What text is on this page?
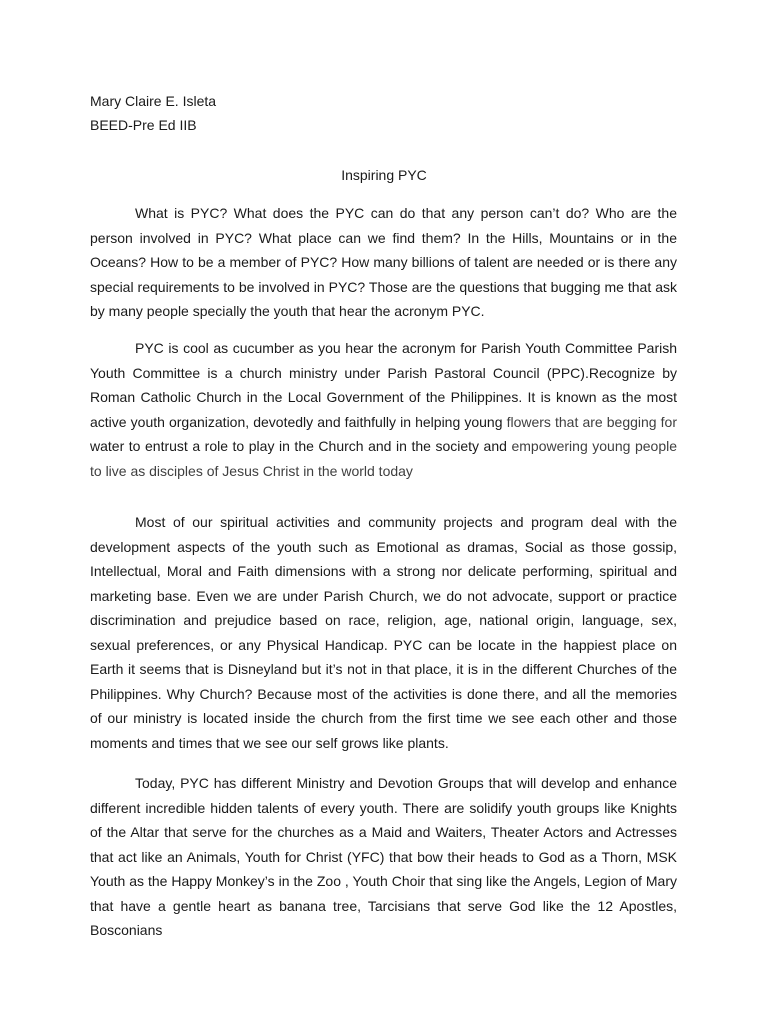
Mary Claire E. Isleta

BEED-Pre Ed IIB

Inspiring PYC

What is PYC? What does the PYC can do that any person can’t do? Who are the person involved in PYC? What place can we find them? In the Hills, Mountains or in the Oceans? How to be a member of PYC? How many billions of talent are needed or is there any special requirements to be involved in PYC? Those are the questions that bugging me that ask by many people specially the youth that hear the acronym PYC.

PYC is cool as cucumber as you hear the acronym for Parish Youth Committee Parish Youth Committee is a church ministry under Parish Pastoral Council (PPC).Recognize by Roman Catholic Church in the Local Government of the Philippines. It is known as the most active youth organization, devotedly and faithfully in helping young flowers that are begging for water to entrust a role to play in the Church and in the society and empowering young people to live as disciples of Jesus Christ in the world today

Most of our spiritual activities and community projects and program deal with the development aspects of the youth such as Emotional as dramas, Social as those gossip, Intellectual, Moral and Faith dimensions with a strong nor delicate performing, spiritual and marketing base. Even we are under Parish Church, we do not advocate, support or practice discrimination and prejudice based on race, religion, age, national origin, language, sex, sexual preferences, or any Physical Handicap. PYC can be locate in the happiest place on Earth it seems that is Disneyland but it’s not in that place, it is in the different Churches of the Philippines. Why Church? Because most of the activities is done there, and all the memories of our ministry is located inside the church from the first time we see each other and those moments and times that we see our self grows like plants.

Today, PYC has different Ministry and Devotion Groups that will develop and enhance different incredible hidden talents of every youth. There are solidify youth groups like Knights of the Altar that serve for the churches as a Maid and Waiters, Theater Actors and Actresses that act like an Animals, Youth for Christ (YFC) that bow their heads to God as a Thorn, MSK Youth as the Happy Monkey’s in the Zoo , Youth Choir that sing like the Angels, Legion of Mary that have a gentle heart as banana tree, Tarcisians that serve God like the 12 Apostles, Bosconians
